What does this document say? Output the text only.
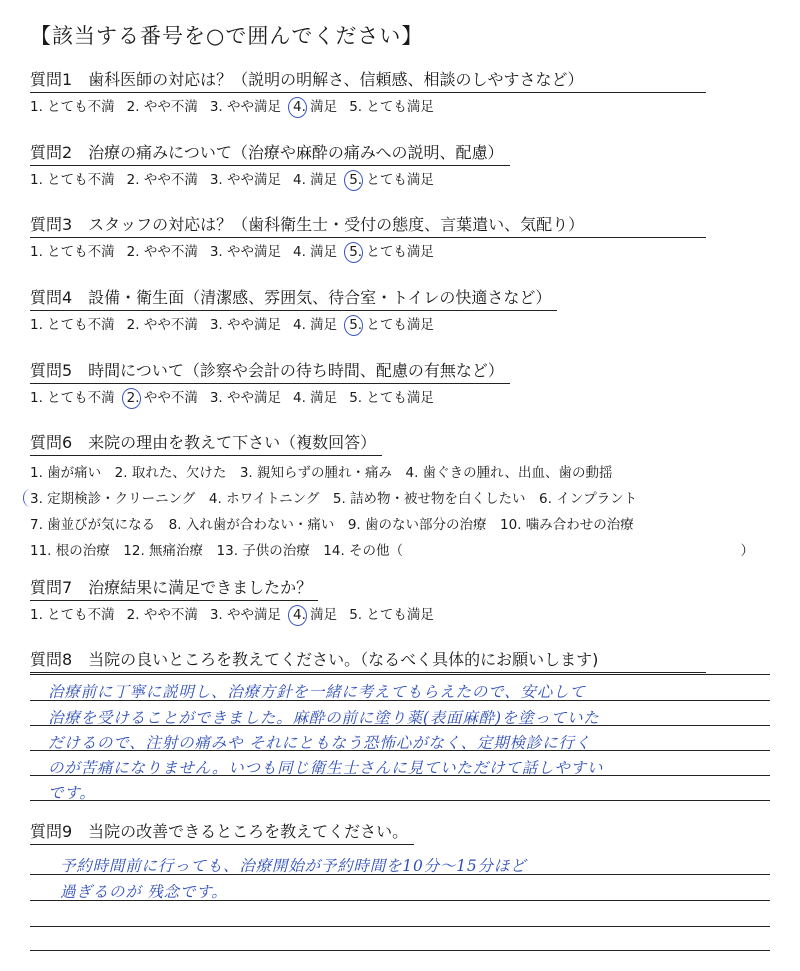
【該当する番号を○で囲んでください】
質問1　歯科医師の対応は？（説明の明解さ、信頼感、相談のしやすさなど）
1. とても不満 2. やや不満 3. やや満足 4. 満足 5. とても満足
質問2　治療の痛みについて（治療や麻酔の痛みへの説明、配慮）
1. とても不満 2. やや不満 3. やや満足 4. 満足 5. とても満足
質問3　スタッフの対応は？（歯科衛生士・受付の態度、言葉遣い、気配り）
1. とても不満 2. やや不満 3. やや満足 4. 満足 5. とても満足
質問4　設備・衛生面（清潔感、雰囲気、待合室・トイレの快適さなど）
1. とても不満 2. やや不満 3. やや満足 4. 満足 5. とても満足
質問5　時間について（診察や会計の待ち時間、配慮の有無など）
1. とても不満 2. やや不満 3. やや満足 4. 満足 5. とても満足
質問6　来院の理由を教えて下さい（複数回答）
1. 歯が痛い　2. 取れた、欠けた　3. 親知らずの腫れ・痛み　4. 歯ぐきの腫れ、出血、歯の動揺
3. 定期検診・クリーニング　4. ホワイトニング　5. 詰め物・被せ物を白くしたい　6. インプラント
7. 歯並びが気になる　8. 入れ歯が合わない・痛い　9. 歯のない部分の治療　10. 噛み合わせの治療
11. 根の治療　12. 無痛治療　13. 子供の治療　14. その他（　　　　　　　　　　　　　　　　　　　　　　　　　）
質問7　治療結果に満足できましたか？
1. とても不満 2. やや不満 3. やや満足 4. 満足 5. とても満足
質問8　当院の良いところを教えてください。（なるべく具体的にお願いします)
治療前に丁寧に説明し、治療方針を一緒に考えてもらえたので、安心して
治療を受けることができました。麻酔の前に塗り薬(表面麻酔)を塗っていた
だけるので、注射の痛みや それにともなう恐怖心がなく、定期検診に行く
のが苦痛になりません。いつも同じ衛生士さんに見ていただけて話しやすい
です。
質問9　当院の改善できるところを教えてください。
予約時間前に行っても、治療開始が予約時間を10分～15分ほど
過ぎるのが 残念です。
